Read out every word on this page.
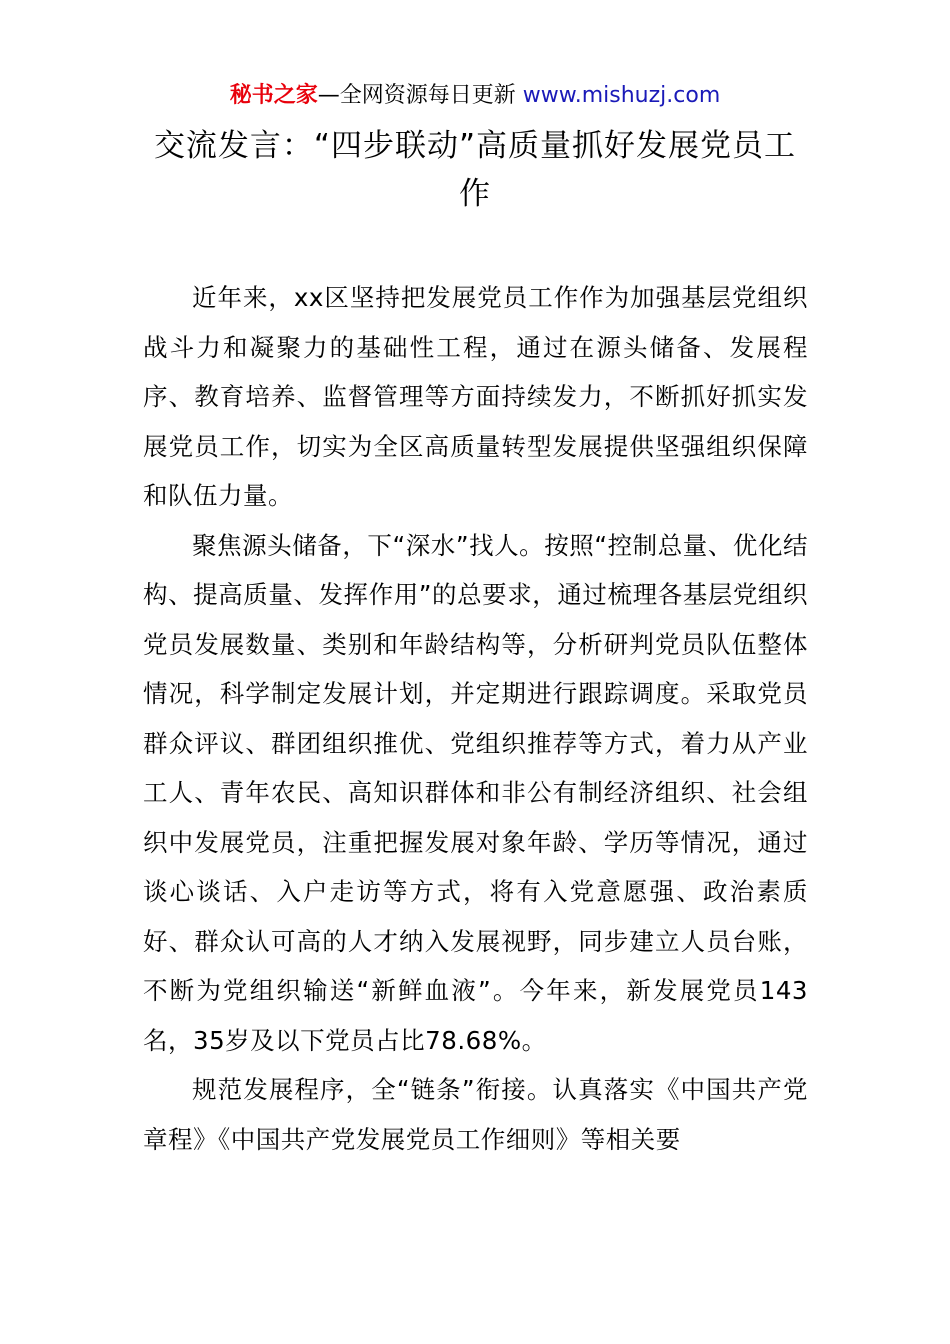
秘书之家—全网资源每日更新 www.mishuzj.com
交流发言：“四步联动”高质量抓好发展党员工作

近年来，xx区坚持把发展党员工作作为加强基层党组织战斗力和凝聚力的基础性工程，通过在源头储备、发展程序、教育培养、监督管理等方面持续发力，不断抓好抓实发展党员工作，切实为全区高质量转型发展提供坚强组织保障和队伍力量。

聚焦源头储备，下“深水”找人。按照“控制总量、优化结构、提高质量、发挥作用”的总要求，通过梳理各基层党组织党员发展数量、类别和年龄结构等，分析研判党员队伍整体情况，科学制定发展计划，并定期进行跟踪调度。采取党员群众评议、群团组织推优、党组织推荐等方式，着力从产业工人、青年农民、高知识群体和非公有制经济组织、社会组织中发展党员，注重把握发展对象年龄、学历等情况，通过谈心谈话、入户走访等方式，将有入党意愿强、政治素质好、群众认可高的人才纳入发展视野，同步建立人员台账，不断为党组织输送“新鲜血液”。今年来，新发展党员143名，35岁及以下党员占比78.68%。

规范发展程序，全“链条”衔接。认真落实《中国共产党章程》《中国共产党发展党员工作细则》等相关要
